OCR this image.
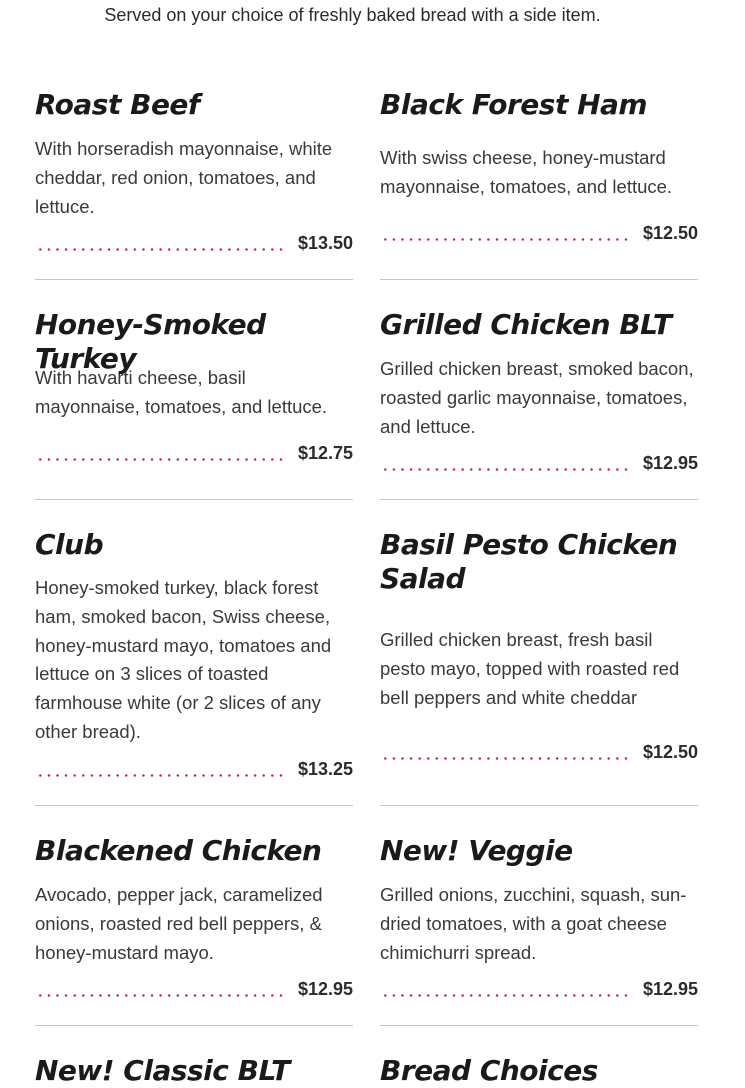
Served on your choice of freshly baked bread with a side item.
Roast Beef

With horseradish mayonnaise, white cheddar, red onion, tomatoes, and lettuce.

$13.50
Black Forest Ham

With swiss cheese, honey-mustard mayonnaise, tomatoes, and lettuce.

$12.50
Honey-Smoked Turkey

With havarti cheese, basil mayonnaise, tomatoes, and lettuce.

$12.75
Grilled Chicken BLT

Grilled chicken breast, smoked bacon, roasted garlic mayonnaise, tomatoes, and lettuce.

$12.95
Club

Honey-smoked turkey, black forest ham, smoked bacon, Swiss cheese, honey-mustard mayo, tomatoes and lettuce on 3 slices of toasted farmhouse white (or 2 slices of any other bread).

$13.25
Basil Pesto Chicken Salad

Grilled chicken breast, fresh basil pesto mayo, topped with roasted red bell peppers and white cheddar

$12.50
Blackened Chicken

Avocado, pepper jack, caramelized onions, roasted red bell peppers, & honey-mustard mayo.

$12.95
New! Veggie

Grilled onions, zucchini, squash, sun-dried tomatoes, with a goat cheese chimichurri spread.

$12.95
New! Classic BLT	Bread Choices
